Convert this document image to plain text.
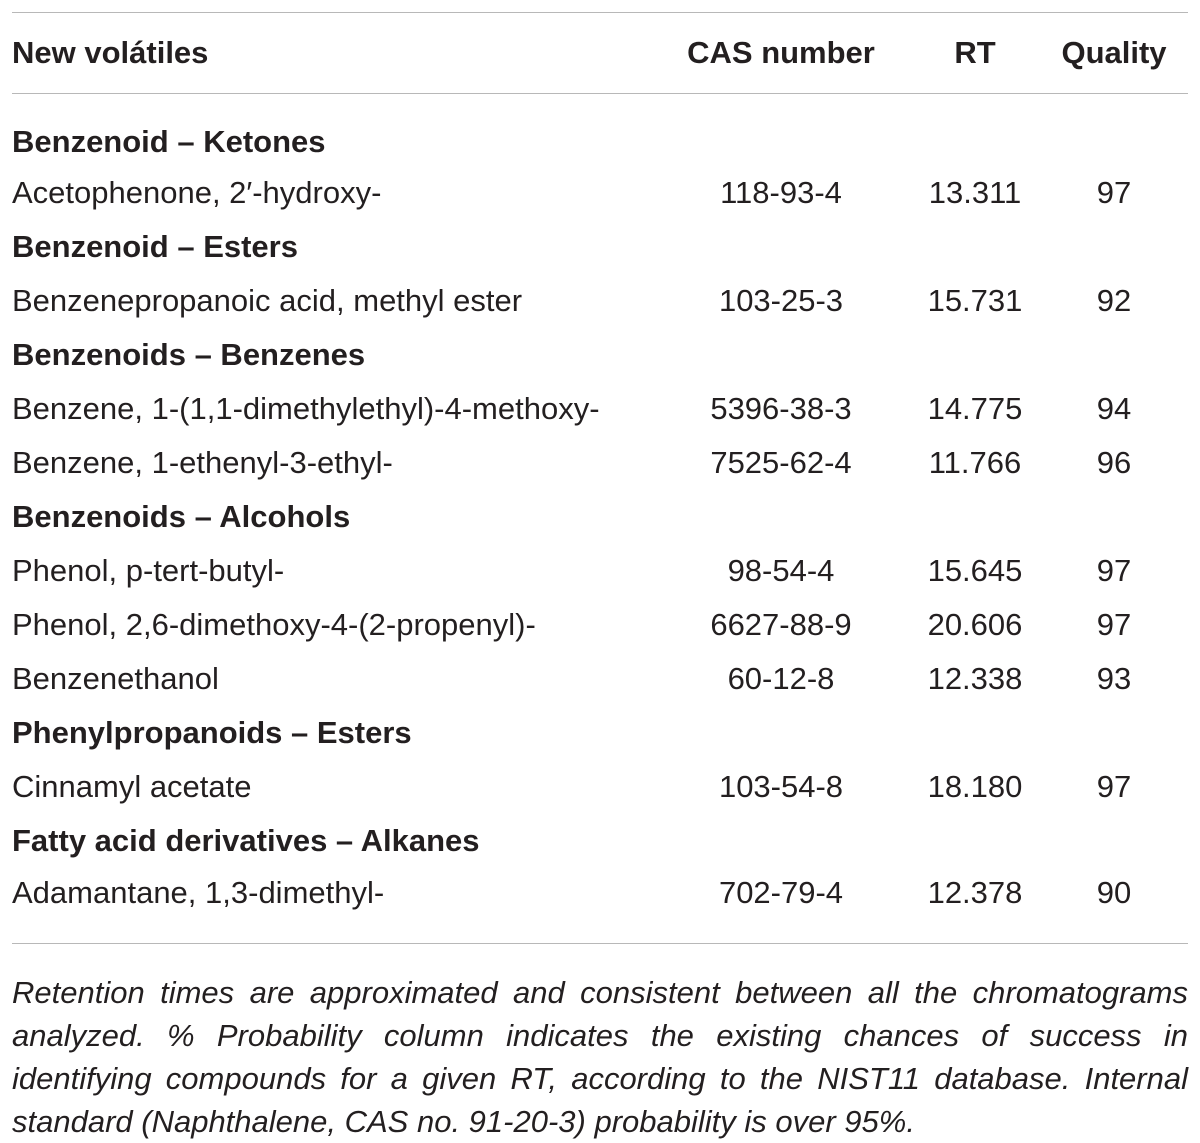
New volátiles	CAS number	RT	Quality
Benzenoid – Ketones			
Acetophenone, 2′-hydroxy-	118-93-4	13.311	97
Benzenoid – Esters			
Benzenepropanoic acid, methyl ester	103-25-3	15.731	92
Benzenoids – Benzenes			
Benzene, 1-(1,1-dimethylethyl)-4-methoxy-	5396-38-3	14.775	94
Benzene, 1-ethenyl-3-ethyl-	7525-62-4	11.766	96
Benzenoids – Alcohols			
Phenol, p-tert-butyl-	98-54-4	15.645	97
Phenol, 2,6-dimethoxy-4-(2-propenyl)-	6627-88-9	20.606	97
Benzenethanol	60-12-8	12.338	93
Phenylpropanoids – Esters			
Cinnamyl acetate	103-54-8	18.180	97
Fatty acid derivatives – Alkanes			
Adamantane, 1,3-dimethyl-	702-79-4	12.378	90

Retention times are approximated and consistent between all the chromatograms analyzed. % Probability column indicates the existing chances of success in identifying compounds for a given RT, according to the NIST11 database. Internal standard (Naphthalene, CAS no. 91-20-3) probability is over 95%.
